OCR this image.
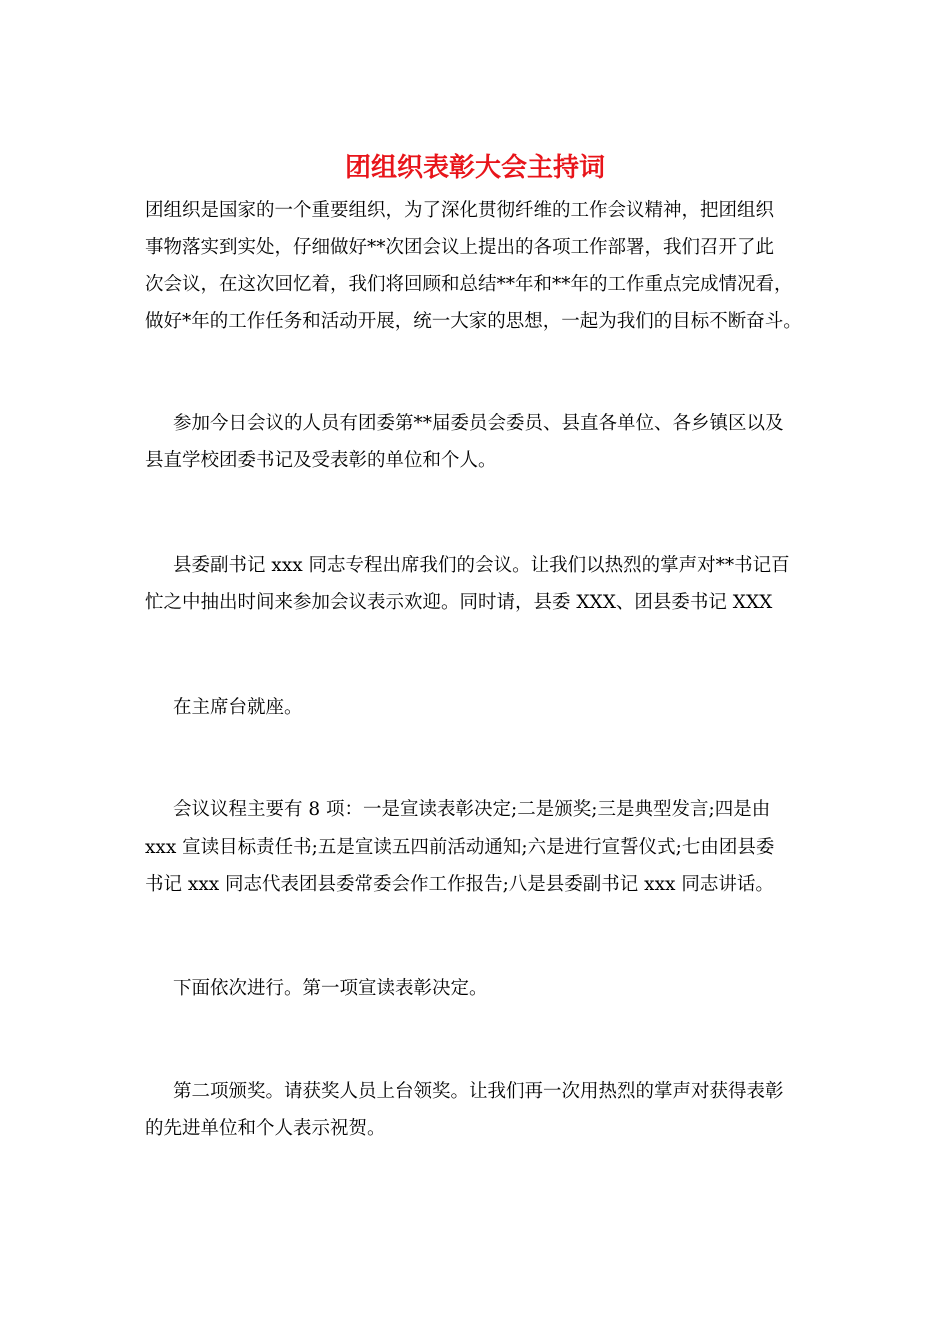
团组织表彰大会主持词

团组织是国家的一个重要组织，为了深化贯彻纤维的工作会议精神，把团组织

事物落实到实处，仔细做好**次团会议上提出的各项工作部署，我们召开了此

次会议，在这次回忆着，我们将回顾和总结**年和**年的工作重点完成情况看，

做好*年的工作任务和活动开展，统一大家的思想，一起为我们的目标不断奋斗。

参加今日会议的人员有团委第**届委员会委员、县直各单位、各乡镇区以及

县直学校团委书记及受表彰的单位和个人。

县委副书记 xxx 同志专程出席我们的会议。让我们以热烈的掌声对**书记百

忙之中抽出时间来参加会议表示欢迎。同时请，县委 XXX、团县委书记 XXX

在主席台就座。

会议议程主要有 8 项：一是宣读表彰决定;二是颁奖;三是典型发言;四是由

xxx 宣读目标责任书;五是宣读五四前活动通知;六是进行宣誓仪式;七由团县委

书记 xxx 同志代表团县委常委会作工作报告;八是县委副书记 xxx 同志讲话。

下面依次进行。第一项宣读表彰决定。

第二项颁奖。请获奖人员上台领奖。让我们再一次用热烈的掌声对获得表彰

的先进单位和个人表示祝贺。
